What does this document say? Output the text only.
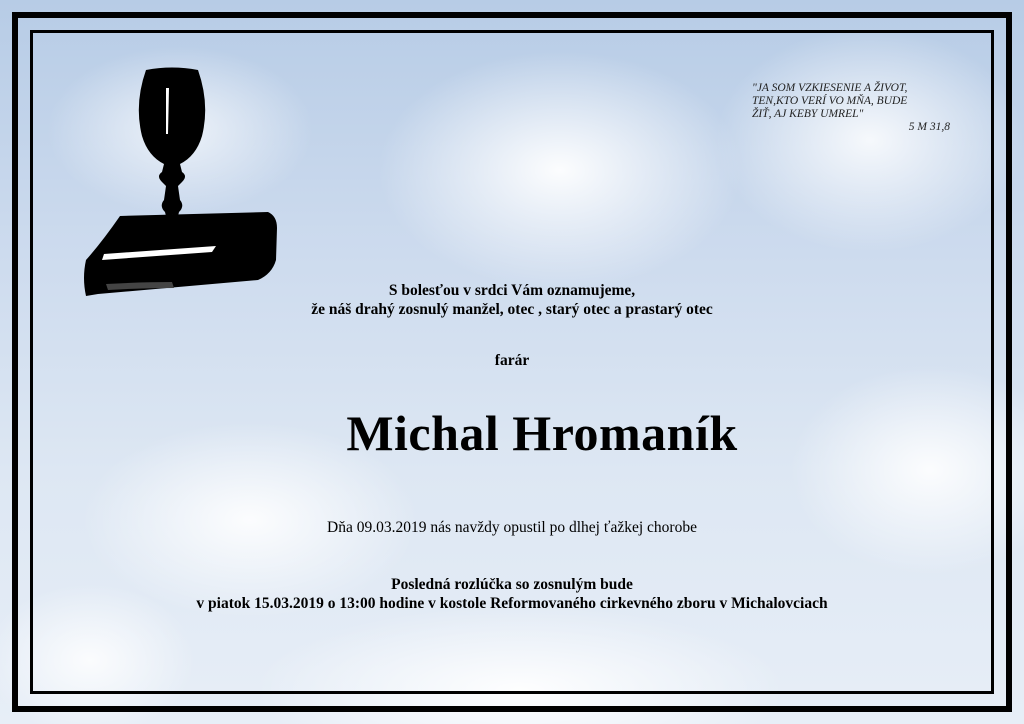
"JA SOM VZKIESENIE A ŽIVOT,
TEN,KTO VERÍ VO MŇA, BUDE
ŽIŤ, AJ KEBY UMREL"
5 M 31,8
S bolesťou v srdci Vám oznamujeme,
že náš drahý zosnulý manžel, otec , starý otec a prastarý otec
farár
Michal Hromaník
Dňa 09.03.2019 nás navždy opustil po dlhej ťažkej chorobe
Posledná rozlúčka so zosnulým bude
v piatok 15.03.2019 o 13:00 hodine v kostole Reformovaného cirkevného zboru v Michalovciach
